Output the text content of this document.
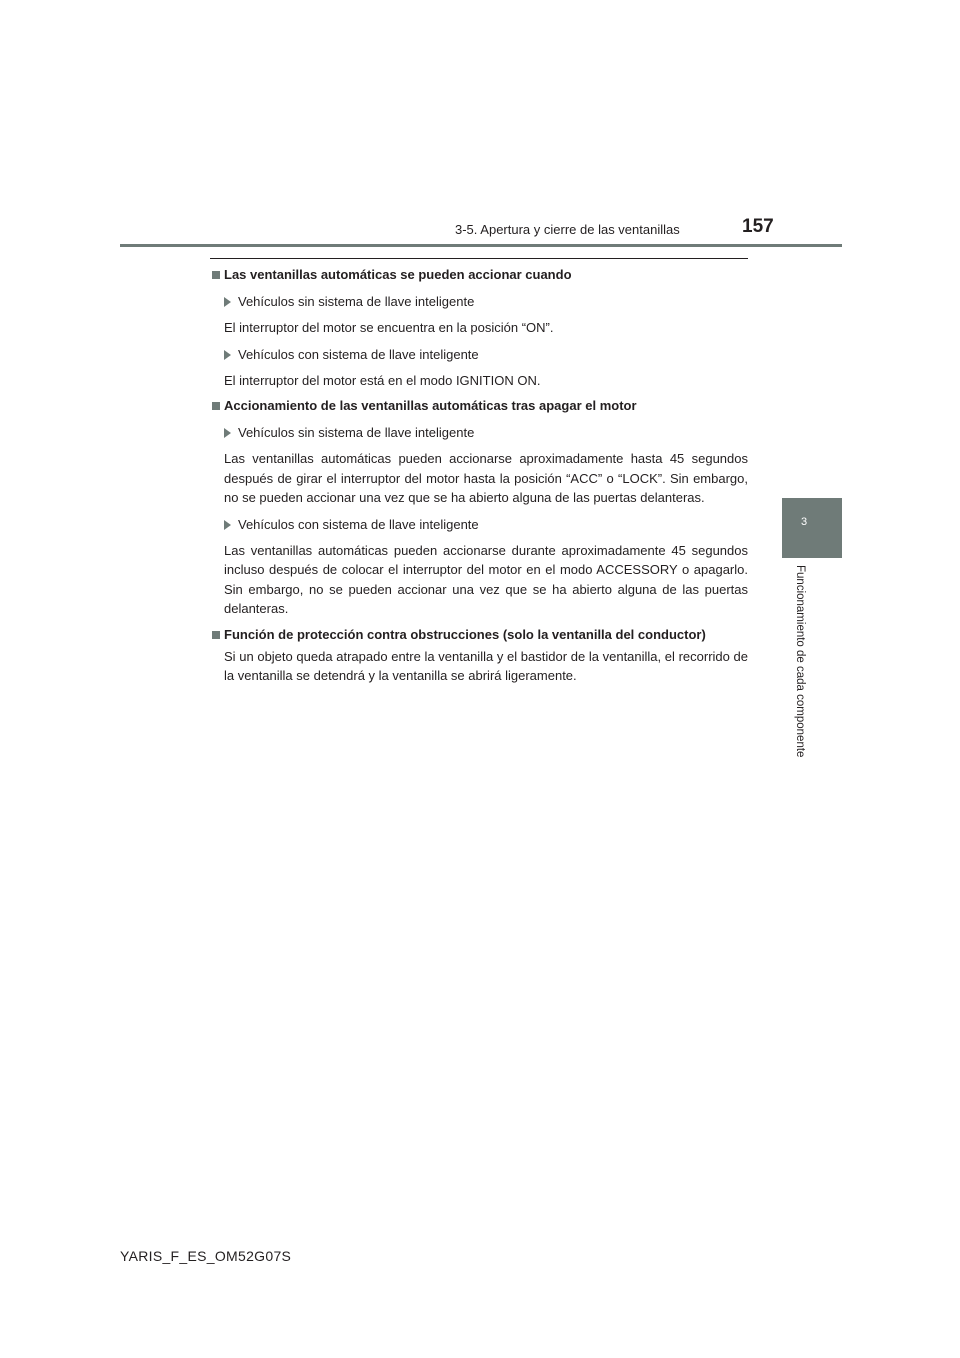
3-5. Apertura y cierre de las ventanillas	157
3
Funcionamiento de cada componente
Las ventanillas automáticas se pueden accionar cuando
Vehículos sin sistema de llave inteligente
El interruptor del motor se encuentra en la posición “ON”.
Vehículos con sistema de llave inteligente
El interruptor del motor está en el modo IGNITION ON.
Accionamiento de las ventanillas automáticas tras apagar el motor
Vehículos sin sistema de llave inteligente
Las ventanillas automáticas pueden accionarse aproximadamente hasta 45 segundos después de girar el interruptor del motor hasta la posición “ACC” o “LOCK”. Sin embargo, no se pueden accionar una vez que se ha abierto alguna de las puertas delanteras.
Vehículos con sistema de llave inteligente
Las ventanillas automáticas pueden accionarse durante aproximadamente 45 segundos incluso después de colocar el interruptor del motor en el modo ACCESSORY o apagarlo. Sin embargo, no se pueden accionar una vez que se ha abierto alguna de las puertas delanteras.
Función de protección contra obstrucciones (solo la ventanilla del conductor)
Si un objeto queda atrapado entre la ventanilla y el bastidor de la ventanilla, el recorrido de la ventanilla se detendrá y la ventanilla se abrirá ligeramente.
YARIS_F_ES_OM52G07S
